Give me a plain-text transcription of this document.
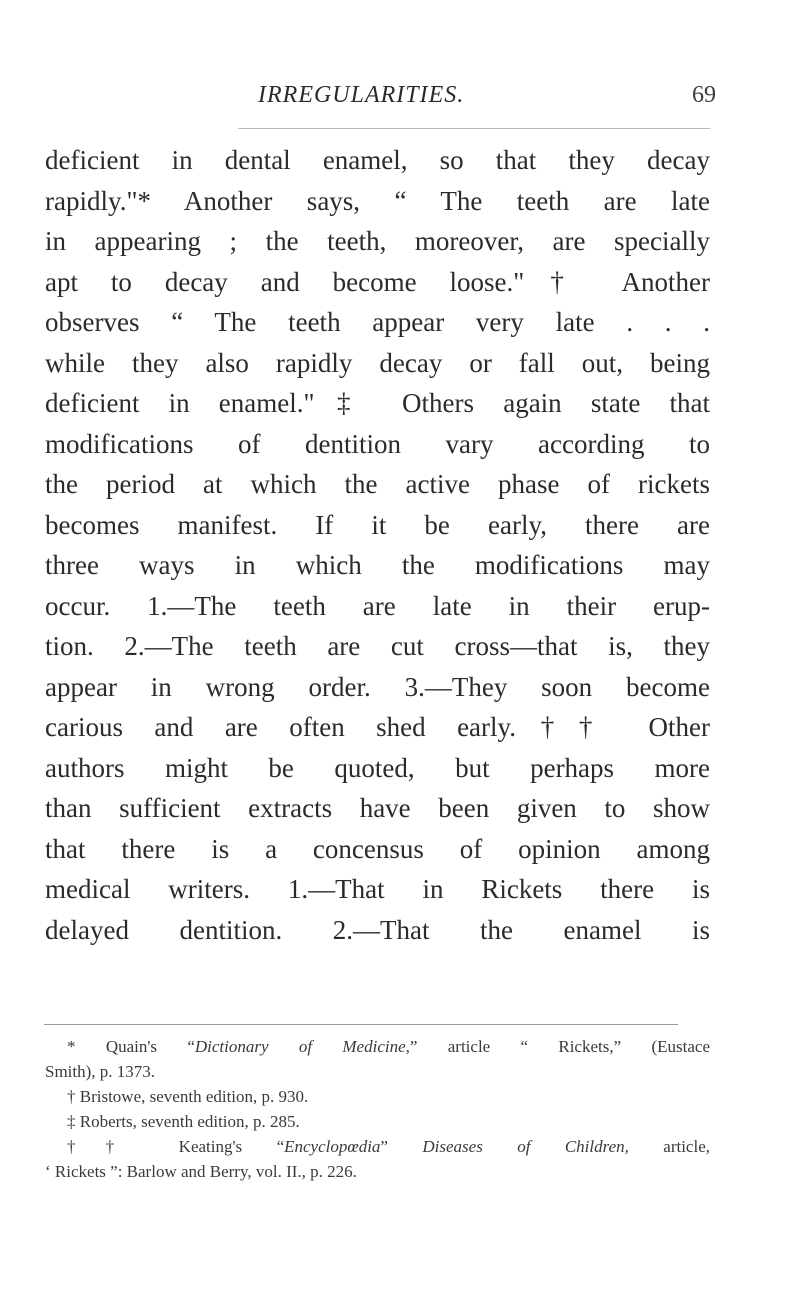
IRREGULARITIES.	69
deficient in dental enamel, so that they decay
rapidly."* Another says, “ The teeth are late
in appearing ; the teeth, moreover, are specially
apt to decay and become loose."† Another
observes “ The teeth appear very late . . .
while they also rapidly decay or fall out, being
deficient in enamel."‡ Others again state that
modifications of dentition vary according to
the period at which the active phase of rickets
becomes manifest. If it be early, there are
three ways in which the modifications may
occur. 1.—The teeth are late in their erup-
tion. 2.—The teeth are cut cross—that is, they
appear in wrong order. 3.—They soon become
carious and are often shed early.†† Other
authors might be quoted, but perhaps more
than sufficient extracts have been given to show
that there is a concensus of opinion among
medical writers. 1.—That in Rickets there is
delayed dentition. 2.—That the enamel is
* Quain's “Dictionary of Medicine,” article “ Rickets,” (Eustace
Smith), p. 1373.
† Bristowe, seventh edition, p. 930.
‡ Roberts, seventh edition, p. 285.
†† Keating's “Encyclopœdia” Diseases of Children, article,
‘ Rickets ”: Barlow and Berry, vol. II., p. 226.
